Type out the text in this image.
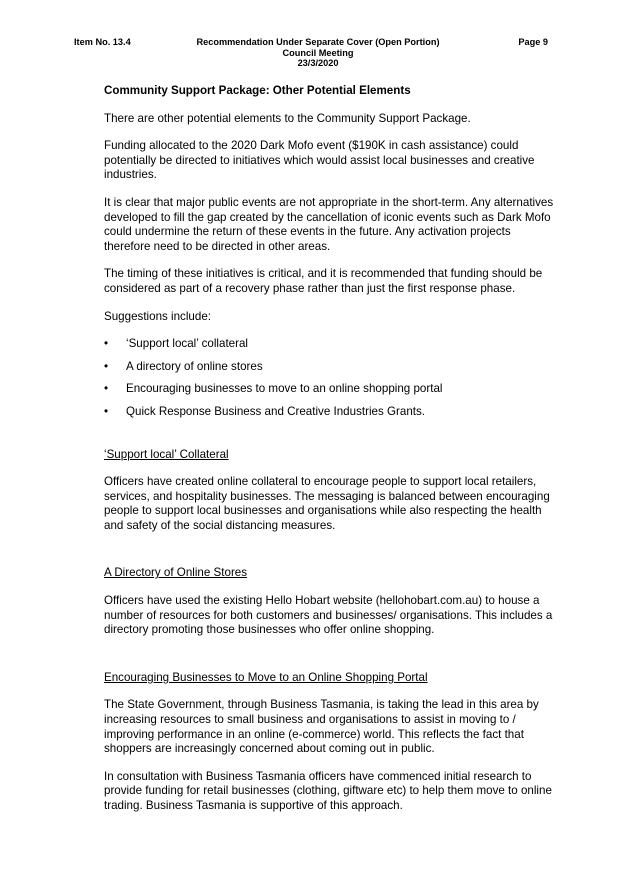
Item No. 13.4	Recommendation Under Separate Cover (Open Portion)
Council Meeting
23/3/2020
Page 9

Community Support Package: Other Potential Elements

There are other potential elements to the Community Support Package.

Funding allocated to the 2020 Dark Mofo event ($190K in cash assistance) could potentially be directed to initiatives which would assist local businesses and creative industries.

It is clear that major public events are not appropriate in the short-term. Any alternatives developed to fill the gap created by the cancellation of iconic events such as Dark Mofo could undermine the return of these events in the future. Any activation projects therefore need to be directed in other areas.

The timing of these initiatives is critical, and it is recommended that funding should be considered as part of a recovery phase rather than just the first response phase.

Suggestions include:

• ‘Support local’ collateral
• A directory of online stores
• Encouraging businesses to move to an online shopping portal
• Quick Response Business and Creative Industries Grants.

‘Support local’ Collateral

Officers have created online collateral to encourage people to support local retailers, services, and hospitality businesses. The messaging is balanced between encouraging people to support local businesses and organisations while also respecting the health and safety of the social distancing measures.

A Directory of Online Stores

Officers have used the existing Hello Hobart website (hellohobart.com.au) to house a number of resources for both customers and businesses/ organisations. This includes a directory promoting those businesses who offer online shopping.

Encouraging Businesses to Move to an Online Shopping Portal

The State Government, through Business Tasmania, is taking the lead in this area by increasing resources to small business and organisations to assist in moving to / improving performance in an online (e-commerce) world. This reflects the fact that shoppers are increasingly concerned about coming out in public.

In consultation with Business Tasmania officers have commenced initial research to provide funding for retail businesses (clothing, giftware etc) to help them move to online trading. Business Tasmania is supportive of this approach.
